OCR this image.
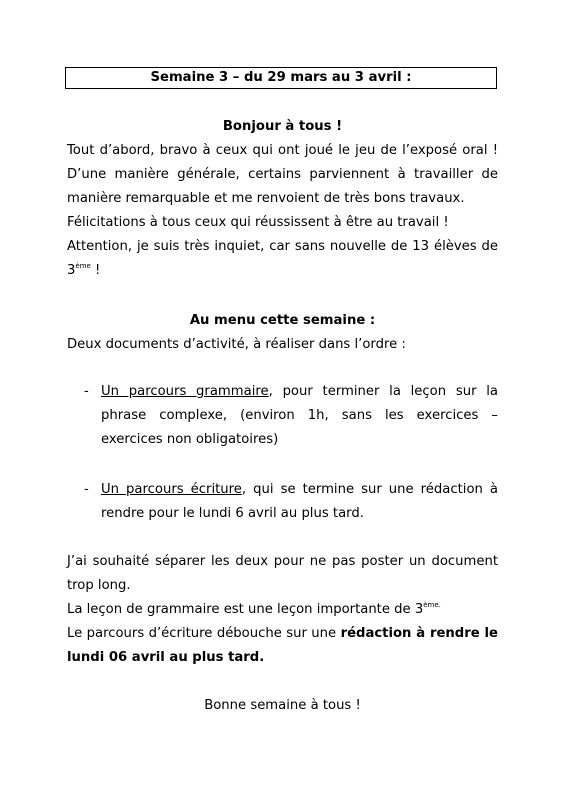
Semaine 3 – du 29 mars au 3 avril :
Bonjour à tous !
Tout d’abord, bravo à ceux qui ont joué le jeu de l’exposé oral !
D’une manière générale, certains parviennent à travailler de
manière remarquable et me renvoient de très bons travaux.
Félicitations à tous ceux qui réussissent à être au travail !
Attention, je suis très inquiet, car sans nouvelle de 13 élèves de
3ème !
Au menu cette semaine :
Deux documents d’activité, à réaliser dans l’ordre :
- Un parcours grammaire, pour terminer la leçon sur la
phrase complexe, (environ 1h, sans les exercices –
exercices non obligatoires)
- Un parcours écriture, qui se termine sur une rédaction à
rendre pour le lundi 6 avril au plus tard.
J’ai souhaité séparer les deux pour ne pas poster un document
trop long.
La leçon de grammaire est une leçon importante de $3^{ème.}$
Le parcours d’écriture débouche sur une rédaction à rendre le
lundi 06 avril au plus tard.
Bonne semaine à tous !
